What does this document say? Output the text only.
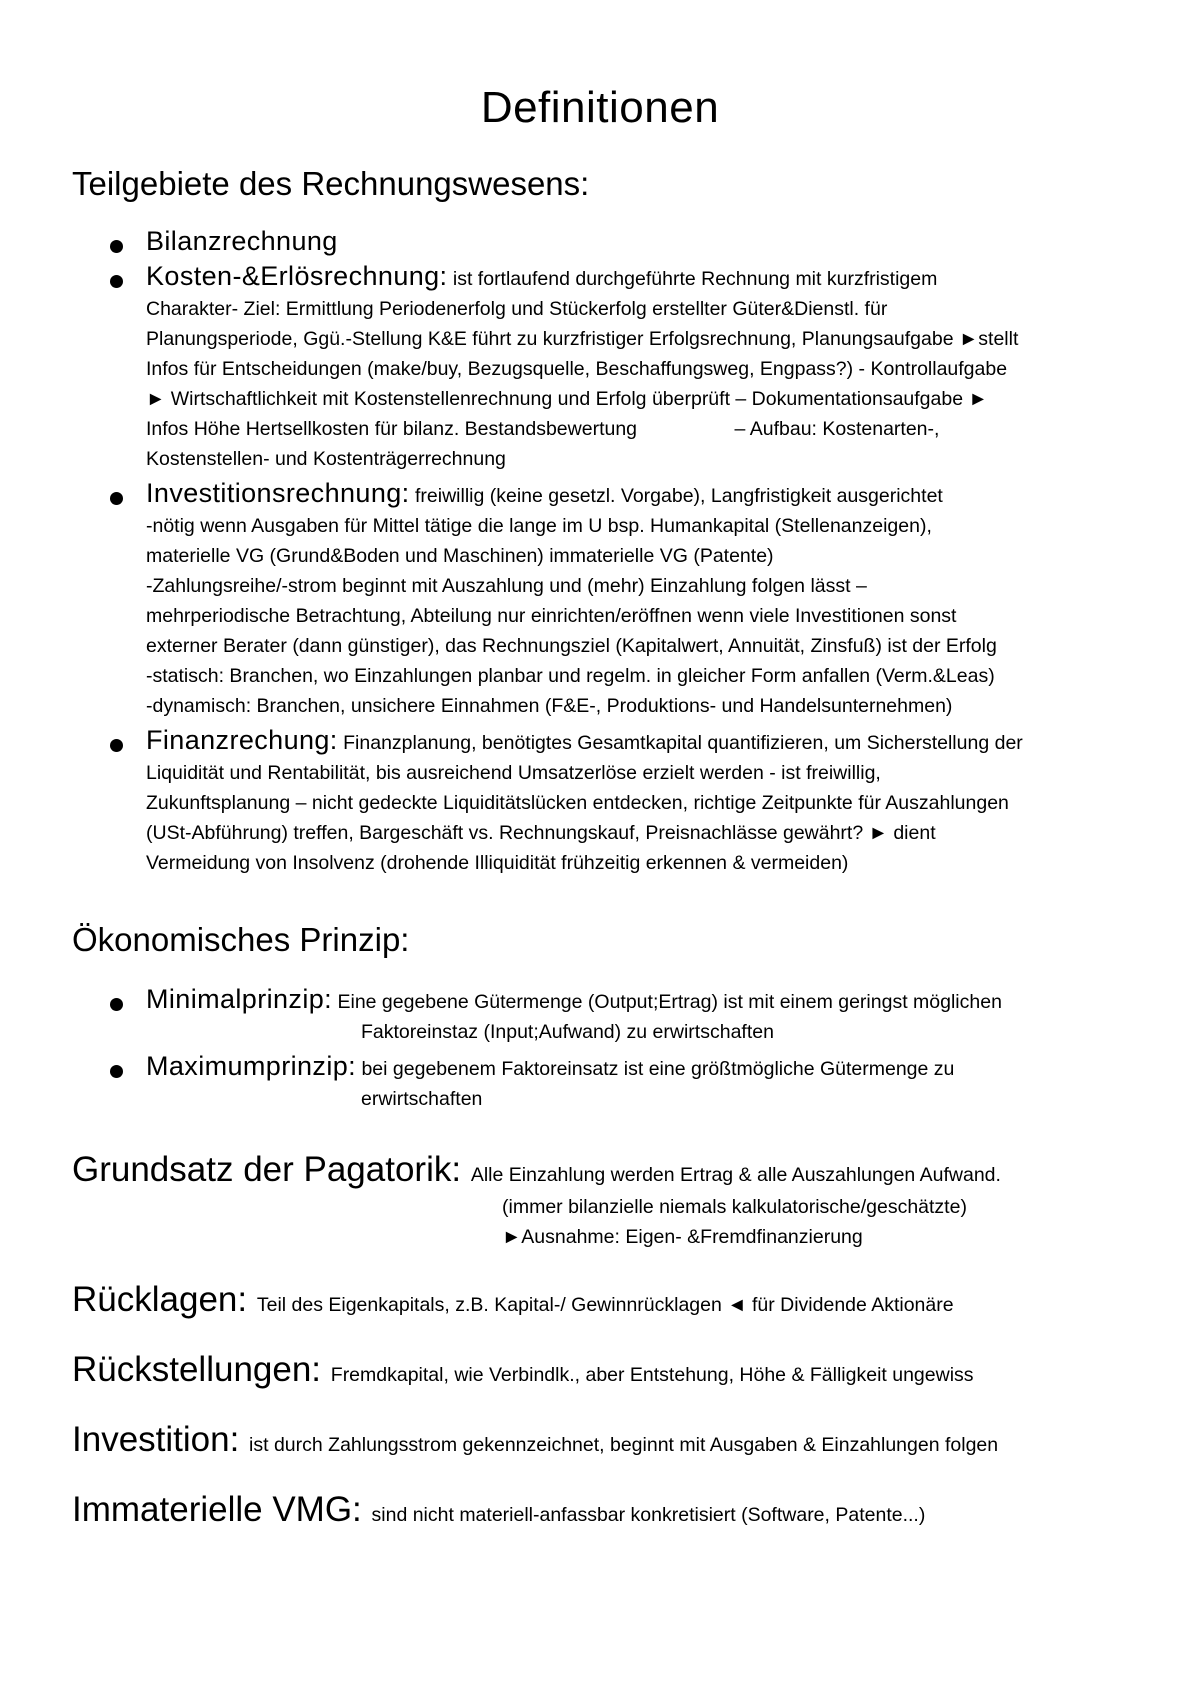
Definitionen
Teilgebiete des Rechnungswesens:
Bilanzrechnung
Kosten-&Erlösrechnung: ist fortlaufend durchgeführte Rechnung mit kurzfristigem
Charakter- Ziel: Ermittlung Periodenerfolg und Stückerfolg erstellter Güter&Dienstl. für
Planungsperiode, Ggü.-Stellung K&E führt zu kurzfristiger Erfolgsrechnung, Planungsaufgabe ►stellt
Infos für Entscheidungen (make/buy, Bezugsquelle, Beschaffungsweg, Engpass?) - Kontrollaufgabe
► Wirtschaftlichkeit mit Kostenstellenrechnung und Erfolg überprüft – Dokumentationsaufgabe ►
Infos Höhe Hertsellkosten für bilanz. Bestandsbewertung                  – Aufbau: Kostenarten-,
Kostenstellen- und Kostenträgerrechnung
Investitionsrechnung: freiwillig (keine gesetzl. Vorgabe), Langfristigkeit ausgerichtet
-nötig wenn Ausgaben für Mittel tätige die lange im U bsp. Humankapital (Stellenanzeigen),
materielle VG (Grund&Boden und Maschinen) immaterielle VG (Patente)
-Zahlungsreihe/-strom beginnt mit Auszahlung und (mehr) Einzahlung folgen lässt –
mehrperiodische Betrachtung, Abteilung nur einrichten/eröffnen wenn viele Investitionen sonst
externer Berater (dann günstiger), das Rechnungsziel (Kapitalwert, Annuität, Zinsfuß) ist der Erfolg
-statisch: Branchen, wo Einzahlungen planbar und regelm. in gleicher Form anfallen (Verm.&Leas)
-dynamisch: Branchen, unsichere Einnahmen (F&E-, Produktions- und Handelsunternehmen)
Finanzrechung: Finanzplanung, benötigtes Gesamtkapital quantifizieren, um Sicherstellung der
Liquidität und Rentabilität, bis ausreichend Umsatzerlöse erzielt werden - ist freiwillig,
Zukunftsplanung – nicht gedeckte Liquiditätslücken entdecken, richtige Zeitpunkte für Auszahlungen
(USt-Abführung) treffen, Bargeschäft vs. Rechnungskauf, Preisnachlässe gewährt? ► dient
Vermeidung von Insolvenz (drohende Illiquidität frühzeitig erkennen & vermeiden)
Ökonomisches Prinzip:
Minimalprinzip: Eine gegebene Gütermenge (Output;Ertrag) ist mit einem geringst möglichen
Faktoreinstaz (Input;Aufwand) zu erwirtschaften
Maximumprinzip: bei gegebenem Faktoreinsatz ist eine größtmögliche Gütermenge zu
erwirtschaften
Grundsatz der Pagatorik: Alle Einzahlung werden Ertrag & alle Auszahlungen Aufwand.
(immer bilanzielle niemals kalkulatorische/geschätzte)
►Ausnahme: Eigen- &Fremdfinanzierung
Rücklagen: Teil des Eigenkapitals, z.B. Kapital-/ Gewinnrücklagen ◄ für Dividende Aktionäre
Rückstellungen: Fremdkapital, wie Verbindlk., aber Entstehung, Höhe & Fälligkeit ungewiss
Investition: ist durch Zahlungsstrom gekennzeichnet, beginnt mit Ausgaben & Einzahlungen folgen
Immaterielle VMG: sind nicht materiell-anfassbar konkretisiert (Software, Patente...)
